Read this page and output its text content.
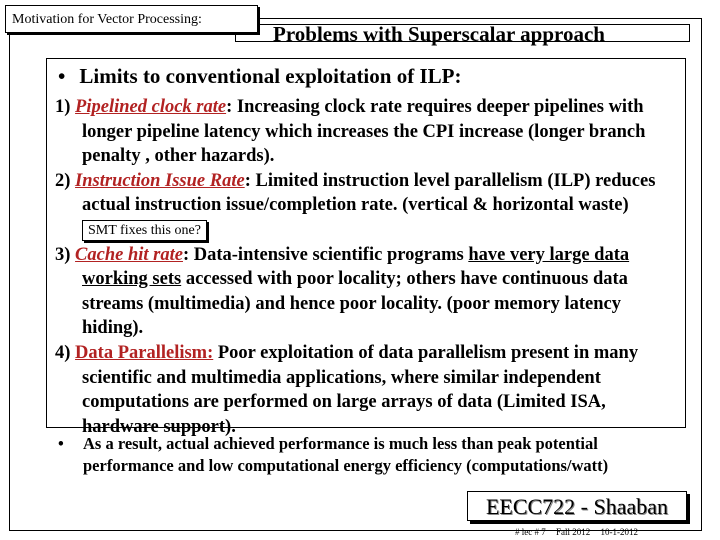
Motivation for Vector Processing:
Problems with Superscalar approach
• Limits to conventional exploitation of ILP:
1) Pipelined clock rate: Increasing clock rate requires deeper pipelines with longer pipeline latency which increases the CPI increase (longer branch penalty , other hazards).
2) Instruction Issue Rate: Limited instruction level parallelism (ILP) reduces actual instruction issue/completion rate. (vertical & horizontal waste) SMT fixes this one?
3) Cache hit rate: Data-intensive scientific programs have very large data working sets accessed with poor locality; others have continuous data streams (multimedia) and hence poor locality. (poor memory latency hiding).
4) Data Parallelism: Poor exploitation of data parallelism present in many scientific and multimedia applications, where similar independent computations are performed on large arrays of data (Limited ISA, hardware support).
• As a result, actual achieved performance is much less than peak potential performance and low computational energy efficiency (computations/watt)
EECC722 - Shaaban
# lec # 7 Fall 2012 10-1-2012
